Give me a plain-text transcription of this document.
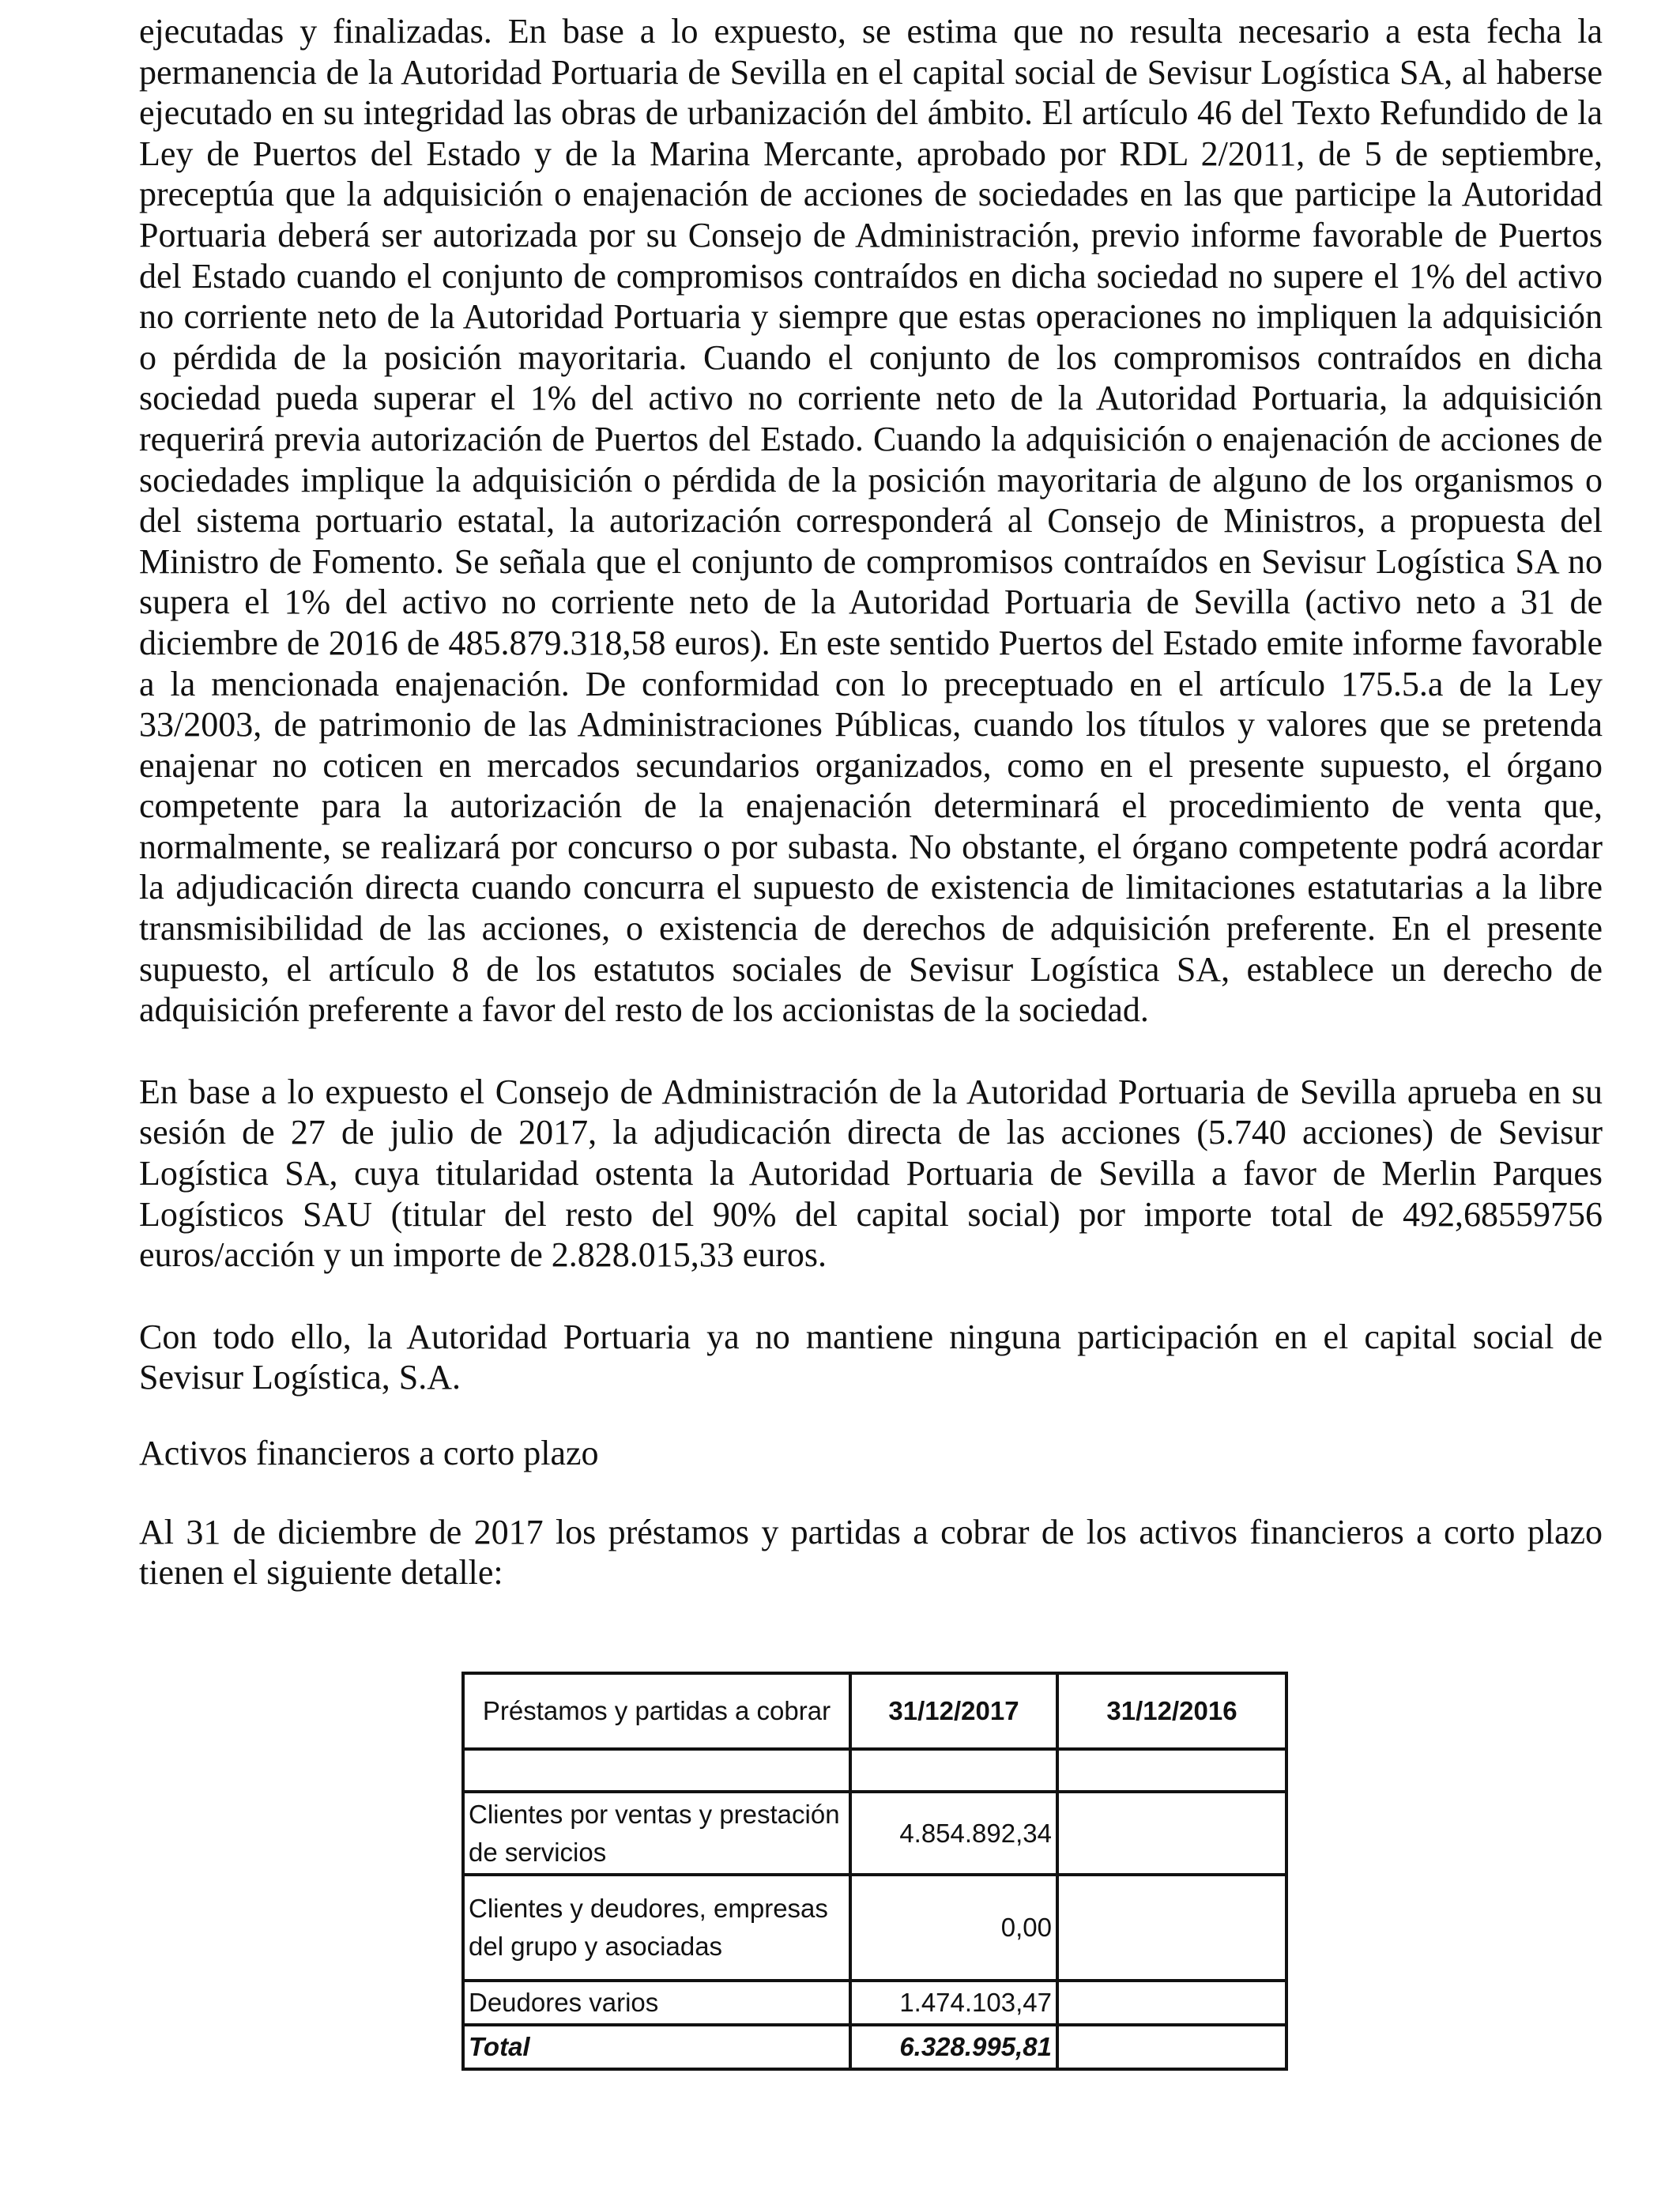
ejecutadas y finalizadas. En base a lo expuesto, se estima que no resulta necesario a esta fecha la permanencia de la Autoridad Portuaria de Sevilla en el capital social de Sevisur Logística SA, al haberse ejecutado en su integridad las obras de urbanización del ámbito. El artículo 46 del Texto Refundido de la Ley de Puertos del Estado y de la Marina Mercante, aprobado por RDL 2/2011, de 5 de septiembre, preceptúa que la adquisición o enajenación de acciones de sociedades en las que participe la Autoridad Portuaria deberá ser autorizada por su Consejo de Administración, previo informe favorable de Puertos del Estado cuando el conjunto de compromisos contraídos en dicha sociedad no supere el 1% del activo no corriente neto de la Autoridad Portuaria y siempre que estas operaciones no impliquen la adquisición o pérdida de la posición mayoritaria. Cuando el conjunto de los compromisos contraídos en dicha sociedad pueda superar el 1% del activo no corriente neto de la Autoridad Portuaria, la adquisición requerirá previa autorización de Puertos del Estado. Cuando la adquisición o enajenación de acciones de sociedades implique la adquisición o pérdida de la posición mayoritaria de alguno de los organismos o del sistema portuario estatal, la autorización corresponderá al Consejo de Ministros, a propuesta del Ministro de Fomento. Se señala que el conjunto de compromisos contraídos en Sevisur Logística SA no supera el 1% del activo no corriente neto de la Autoridad Portuaria de Sevilla (activo neto a 31 de diciembre de 2016 de 485.879.318,58 euros). En este sentido Puertos del Estado emite informe favorable a la mencionada enajenación. De conformidad con lo preceptuado en el artículo 175.5.a de la Ley 33/2003, de patrimonio de las Administraciones Públicas, cuando los títulos y valores que se pretenda enajenar no coticen en mercados secundarios organizados, como en el presente supuesto, el órgano competente para la autorización de la enajenación determinará el procedimiento de venta que, normalmente, se realizará por concurso o por subasta. No obstante, el órgano competente podrá acordar la adjudicación directa cuando concurra el supuesto de existencia de limitaciones estatutarias a la libre transmisibilidad de las acciones, o existencia de derechos de adquisición preferente. En el presente supuesto, el artículo 8 de los estatutos sociales de Sevisur Logística SA, establece un derecho de adquisición preferente a favor del resto de los accionistas de la sociedad.

En base a lo expuesto el Consejo de Administración de la Autoridad Portuaria de Sevilla aprueba en su sesión de 27 de julio de 2017, la adjudicación directa de las acciones (5.740 acciones) de Sevisur Logística SA, cuya titularidad ostenta la Autoridad Portuaria de Sevilla a favor de Merlin Parques Logísticos SAU (titular del resto del 90% del capital social) por importe total de 492,68559756 euros/acción y un importe de 2.828.015,33 euros.

Con todo ello, la Autoridad Portuaria ya no mantiene ninguna participación en el capital social de Sevisur Logística, S.A.

Activos financieros a corto plazo

Al 31 de diciembre de 2017 los préstamos y partidas a cobrar de los activos financieros a corto plazo tienen el siguiente detalle:

Préstamos y partidas a cobrar	31/12/2017	31/12/2016

Clientes por ventas y prestación de servicios	4.854.892,34	
Clientes y deudores, empresas del grupo y asociadas	0,00	
Deudores varios	1.474.103,47	
Total	6.328.995,81	
